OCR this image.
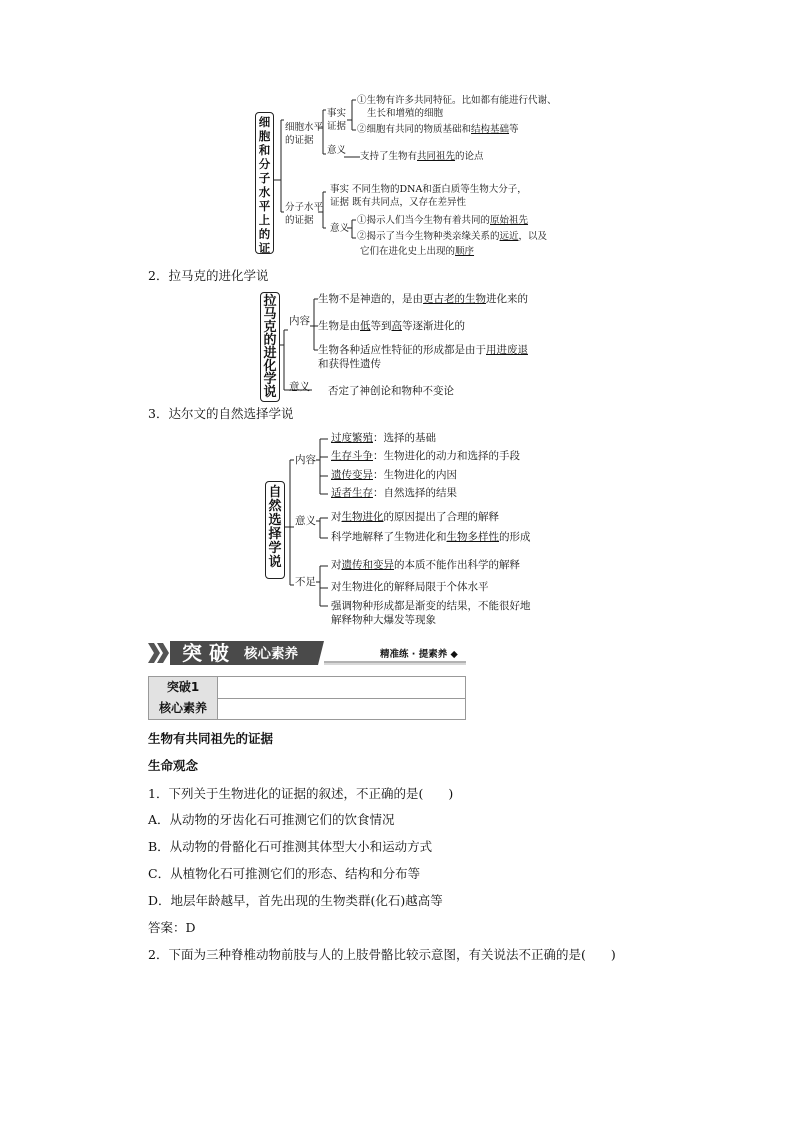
细
胞
和
分
子
水
平
上
的
证
细胞水平
的证据
事实
证据
①生物有许多共同特征。比如都有能进行代谢、
生长和增殖的细胞
②细胞有共同的物质基础和结构基础等
意义
支持了生物有共同祖先的论点
分子水平
的证据
事实 不同生物的DNA和蛋白质等生物大分子，
证据 既有共同点，又存在差异性
意义
①揭示人们当今生物有着共同的原始祖先
②揭示了当今生物种类亲缘关系的远近，以及
它们在进化史上出现的顺序
2．拉马克的进化学说
拉
马
克
的
进
化
学
说
内容
生物不是神造的，是由更古老的生物进化来的
生物是由低等到高等逐渐进化的
生物各种适应性特征的形成都是由于用进废退
和获得性遗传
意义 否定了神创论和物种不变论
3．达尔文的自然选择学说
自
然
选
择
学
说
内容
过度繁殖：选择的基础
生存斗争：生物进化的动力和选择的手段
遗传变异：生物进化的内因
适者生存：自然选择的结果
意义 对生物进化的原因提出了合理的解释
科学地解释了生物进化和生物多样性的形成
不足
对遗传和变异的本质不能作出科学的解释
对生物进化的解释局限于个体水平
强调物种形成都是渐变的结果，不能很好地
解释物种大爆发等现象
突 破 核心素养	精准练 · 提素养 ◆
突破1
核心素养
生物有共同祖先的证据
生命观念
1．下列关于生物进化的证据的叙述，不正确的是(　　)
A．从动物的牙齿化石可推测它们的饮食情况
B．从动物的骨骼化石可推测其体型大小和运动方式
C．从植物化石可推测它们的形态、结构和分布等
D．地层年龄越早，首先出现的生物类群(化石)越高等
答案：D
2．下面为三种脊椎动物前肢与人的上肢骨骼比较示意图，有关说法不正确的是(　　)
